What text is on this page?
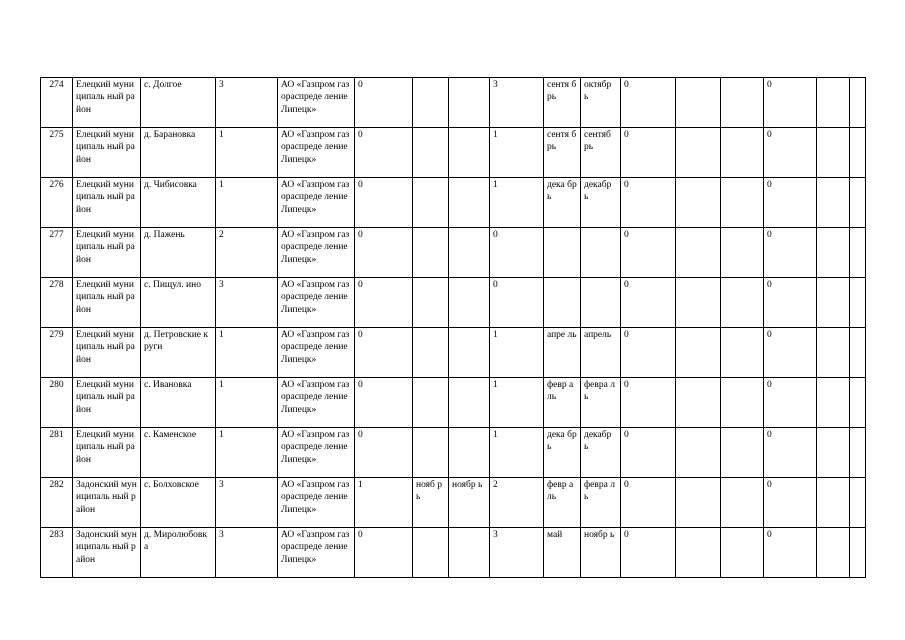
274	Елецкий муниципаль ный район	с. Долгое	3	АО «Газпром газораспреде ление Липецк»	0			3	сентя брь	октябр ь	0			0		
275	Елецкий муниципаль ный район	д. Барановка	1	АО «Газпром газораспреде ление Липецк»	0			1	сентя брь	сентяб рь	0			0		
276	Елецкий муниципаль ный район	д. Чибисовка	1	АО «Газпром газораспреде ление Липецк»	0			1	дека брь	декабр ь	0			0		
277	Елецкий муниципаль ный район	д. Пажень	2	АО «Газпром газораспреде ление Липецк»	0			0			0			0		
278	Елецкий муниципаль ный район	с. Пищул. ино	3	АО «Газпром газораспреде ление Липецк»	0			0			0			0		
279	Елецкий муниципаль ный район	д. Петровские круги	1	АО «Газпром газораспреде ление Липецк»	0			1	апре ль	апрель	0			0		
280	Елецкий муниципаль ный район	с. Ивановка	1	АО «Газпром газораспреде ление Липецк»	0			1	февр аль	февра ль	0			0		
281	Елецкий муниципаль ный район	с. Каменское	1	АО «Газпром газораспреде ление Липецк»	0			1	дека брь	декабр ь	0			0		
282	Задонский муниципаль ный район	с. Болховское	3	АО «Газпром газораспреде ление Липецк»	1	нояб рь	ноябр ь	2	февр аль	февра ль	0			0		
283	Задонский муниципаль ный район	д. Миролюбовк а	3	АО «Газпром газораспреде ление Липецк»	0			3	май	ноябр ь	0			0		
